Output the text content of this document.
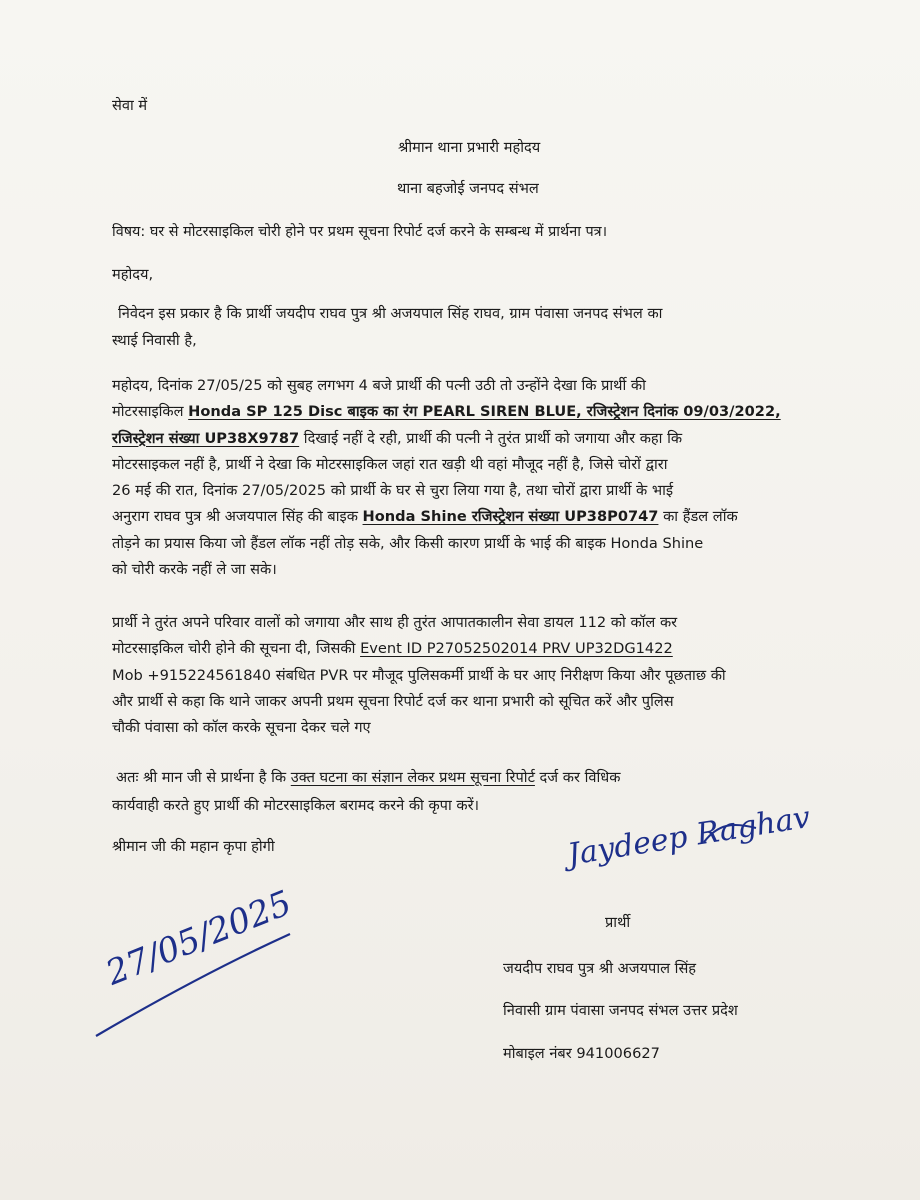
सेवा में
श्रीमान थाना प्रभारी महोदय
थाना बहजोई जनपद संभल
विषय: घर से मोटरसाइकिल चोरी होने पर प्रथम सूचना रिपोर्ट दर्ज करने के सम्बन्ध में प्रार्थना पत्र।
महोदय,
निवेदन इस प्रकार है कि प्रार्थी जयदीप राघव पुत्र श्री अजयपाल सिंह राघव, ग्राम पंवासा जनपद संभल का
स्थाई निवासी है,
महोदय, दिनांक 27/05/25 को सुबह लगभग 4 बजे प्रार्थी की पत्नी उठी तो उन्होंने देखा कि प्रार्थी की
मोटरसाइकिल Honda SP 125 Disc बाइक का रंग PEARL SIREN BLUE, रजिस्ट्रेशन दिनांक 09/03/2022,
रजिस्ट्रेशन संख्या UP38X9787 दिखाई नहीं दे रही, प्रार्थी की पत्नी ने तुरंत प्रार्थी को जगाया और कहा कि
मोटरसाइकल नहीं है, प्रार्थी ने देखा कि मोटरसाइकिल जहां रात खड़ी थी वहां मौजूद नहीं है, जिसे चोरों द्वारा
26 मई की रात, दिनांक 27/05/2025 को प्रार्थी के घर से चुरा लिया गया है, तथा चोरों द्वारा प्रार्थी के भाई
अनुराग राघव पुत्र श्री अजयपाल सिंह की बाइक Honda Shine रजिस्ट्रेशन संख्या UP38P0747 का हैंडल लॉक
तोड़ने का प्रयास किया जो हैंडल लॉक नहीं तोड़ सके, और किसी कारण प्रार्थी के भाई की बाइक Honda Shine
को चोरी करके नहीं ले जा सके।
प्रार्थी ने तुरंत अपने परिवार वालों को जगाया और साथ ही तुरंत आपातकालीन सेवा डायल 112 को कॉल कर
मोटरसाइकिल चोरी होने की सूचना दी, जिसकी Event ID P27052502014 PRV UP32DG1422
Mob +915224561840 संबधित PVR पर मौजूद पुलिसकर्मी प्रार्थी के घर आए निरीक्षण किया और पूछताछ की
और प्रार्थी से कहा कि थाने जाकर अपनी प्रथम सूचना रिपोर्ट दर्ज कर थाना प्रभारी को सूचित करें और पुलिस
चौकी पंवासा को कॉल करके सूचना देकर चले गए
अतः श्री मान जी से प्रार्थना है कि उक्त घटना का संज्ञान लेकर प्रथम सूचना रिपोर्ट दर्ज कर विधिक
कार्यवाही करते हुए प्रार्थी की मोटरसाइकिल बरामद करने की कृपा करें।
श्रीमान जी की महान कृपा होगी	Jaydeep Raghav
27/05/2025	प्रार्थी
जयदीप राघव पुत्र श्री अजयपाल सिंह
निवासी ग्राम पंवासा जनपद संभल उत्तर प्रदेश
मोबाइल नंबर 941006627
